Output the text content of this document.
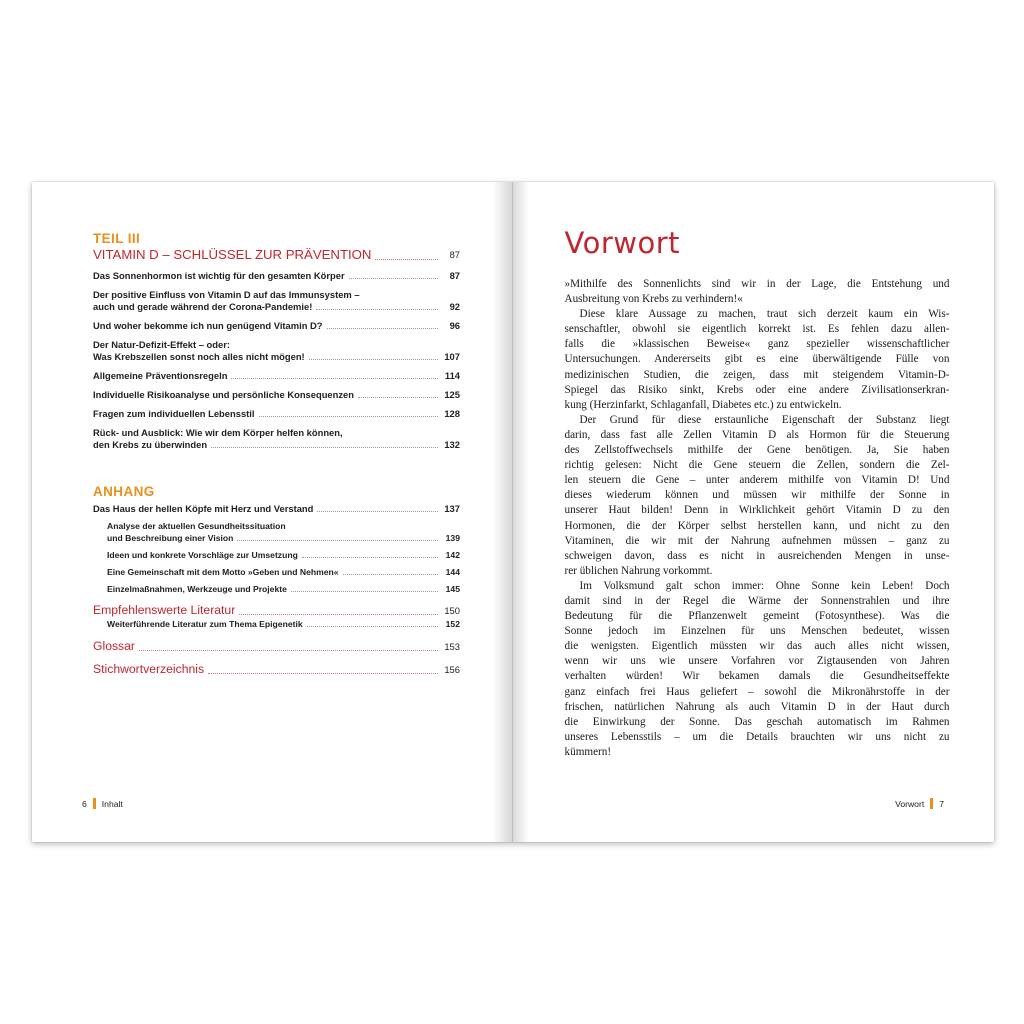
TEIL III
VITAMIN D – SCHLÜSSEL ZUR PRÄVENTION	87
Das Sonnenhormon ist wichtig für den gesamten Körper	87
Der positive Einfluss von Vitamin D auf das Immunsystem –
auch und gerade während der Corona-Pandemie!	92
Und woher bekomme ich nun genügend Vitamin D?	96
Der Natur-Defizit-Effekt – oder:
Was Krebszellen sonst noch alles nicht mögen!	107
Allgemeine Präventionsregeln	114
Individuelle Risikoanalyse und persönliche Konsequenzen	125
Fragen zum individuellen Lebensstil	128
Rück- und Ausblick: Wie wir dem Körper helfen können,
den Krebs zu überwinden	132
ANHANG
Das Haus der hellen Köpfe mit Herz und Verstand	137
Analyse der aktuellen Gesundheitssituation
und Beschreibung einer Vision	139
Ideen und konkrete Vorschläge zur Umsetzung	142
Eine Gemeinschaft mit dem Motto »Geben und Nehmen«	144
Einzelmaßnahmen, Werkzeuge und Projekte	145
Empfehlenswerte Literatur	150
Weiterführende Literatur zum Thema Epigenetik	152
Glossar	153
Stichwortverzeichnis	156
6 Inhalt
Vorwort
»Mithilfe des Sonnenlichts sind wir in der Lage, die Entstehung und
Ausbreitung von Krebs zu verhindern!«
Diese klare Aussage zu machen, traut sich derzeit kaum ein Wis-
senschaftler, obwohl sie eigentlich korrekt ist. Es fehlen dazu allen-
falls die »klassischen Beweise« ganz spezieller wissenschaftlicher
Untersuchungen. Andererseits gibt es eine überwältigende Fülle von
medizinischen Studien, die zeigen, dass mit steigendem Vitamin-D-
Spiegel das Risiko sinkt, Krebs oder eine andere Zivilisationserkran-
kung (Herzinfarkt, Schlaganfall, Diabetes etc.) zu entwickeln.
Der Grund für diese erstaunliche Eigenschaft der Substanz liegt
darin, dass fast alle Zellen Vitamin D als Hormon für die Steuerung
des Zellstoffwechsels mithilfe der Gene benötigen. Ja, Sie haben
richtig gelesen: Nicht die Gene steuern die Zellen, sondern die Zel-
len steuern die Gene – unter anderem mithilfe von Vitamin D! Und
dieses wiederum können und müssen wir mithilfe der Sonne in
unserer Haut bilden! Denn in Wirklichkeit gehört Vitamin D zu den
Hormonen, die der Körper selbst herstellen kann, und nicht zu den
Vitaminen, die wir mit der Nahrung aufnehmen müssen – ganz zu
schweigen davon, dass es nicht in ausreichenden Mengen in unse-
rer üblichen Nahrung vorkommt.
Im Volksmund galt schon immer: Ohne Sonne kein Leben! Doch
damit sind in der Regel die Wärme der Sonnenstrahlen und ihre
Bedeutung für die Pflanzenwelt gemeint (Fotosynthese). Was die
Sonne jedoch im Einzelnen für uns Menschen bedeutet, wissen
die wenigsten. Eigentlich müssten wir das auch alles nicht wissen,
wenn wir uns wie unsere Vorfahren vor Zigtausenden von Jahren
verhalten würden! Wir bekamen damals die Gesundheitseffekte
ganz einfach frei Haus geliefert – sowohl die Mikronährstoffe in der
frischen, natürlichen Nahrung als auch Vitamin D in der Haut durch
die Einwirkung der Sonne. Das geschah automatisch im Rahmen
unseres Lebensstils – um die Details brauchten wir uns nicht zu
kümmern!
Vorwort 7
